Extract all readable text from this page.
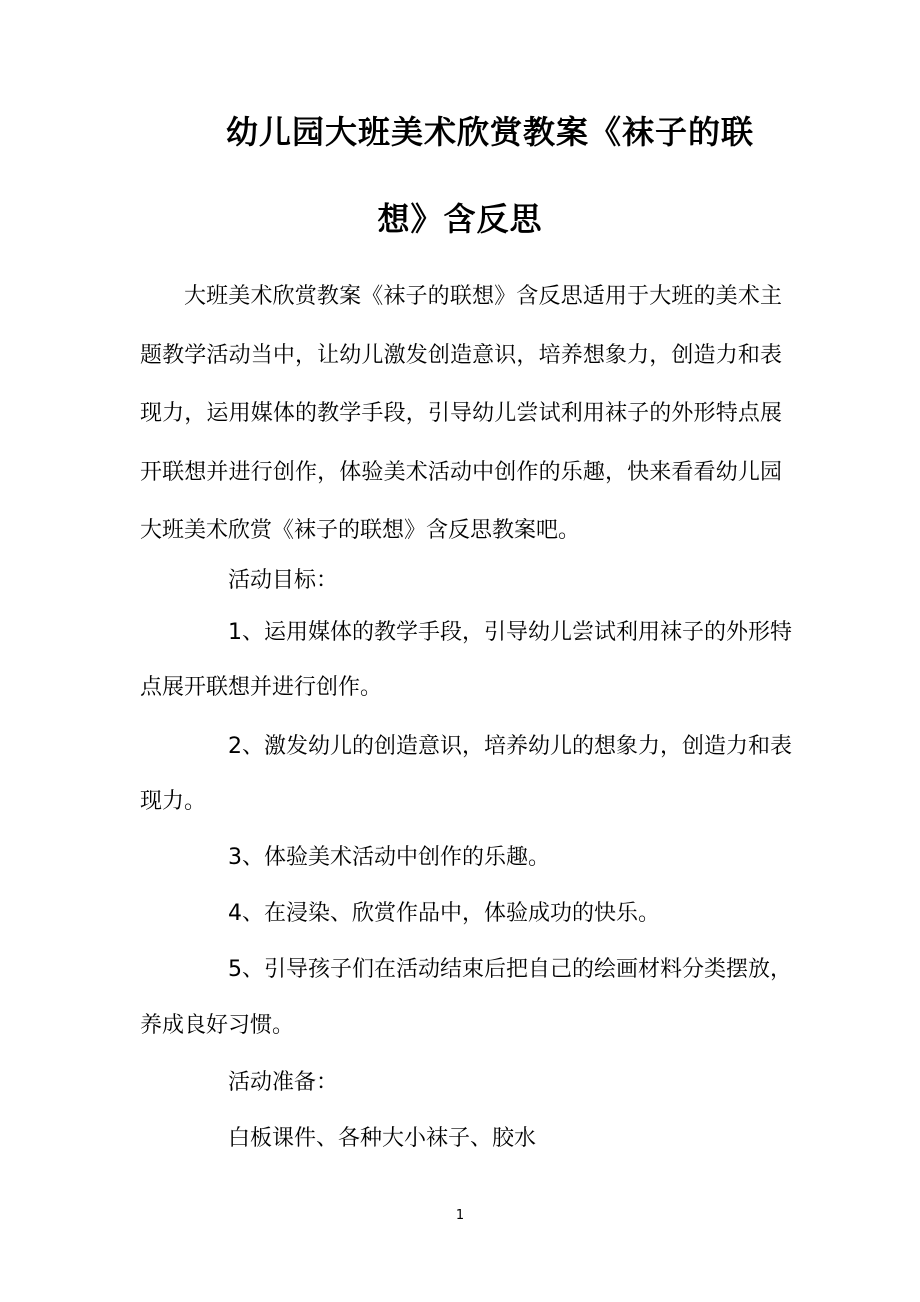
幼儿园大班美术欣赏教案《袜子的联
想》含反思
大班美术欣赏教案《袜子的联想》含反思适用于大班的美术主题教学活动当中，让幼儿激发创造意识，培养想象力，创造力和表现力，运用媒体的教学手段，引导幼儿尝试利用袜子的外形特点展开联想并进行创作，体验美术活动中创作的乐趣，快来看看幼儿园大班美术欣赏《袜子的联想》含反思教案吧。
活动目标：
1、运用媒体的教学手段，引导幼儿尝试利用袜子的外形特
点展开联想并进行创作。
2、激发幼儿的创造意识，培养幼儿的想象力，创造力和表
现力。
3、体验美术活动中创作的乐趣。
4、在浸染、欣赏作品中，体验成功的快乐。
5、引导孩子们在活动结束后把自己的绘画材料分类摆放，
养成良好习惯。
活动准备：
白板课件、各种大小袜子、胶水
1
